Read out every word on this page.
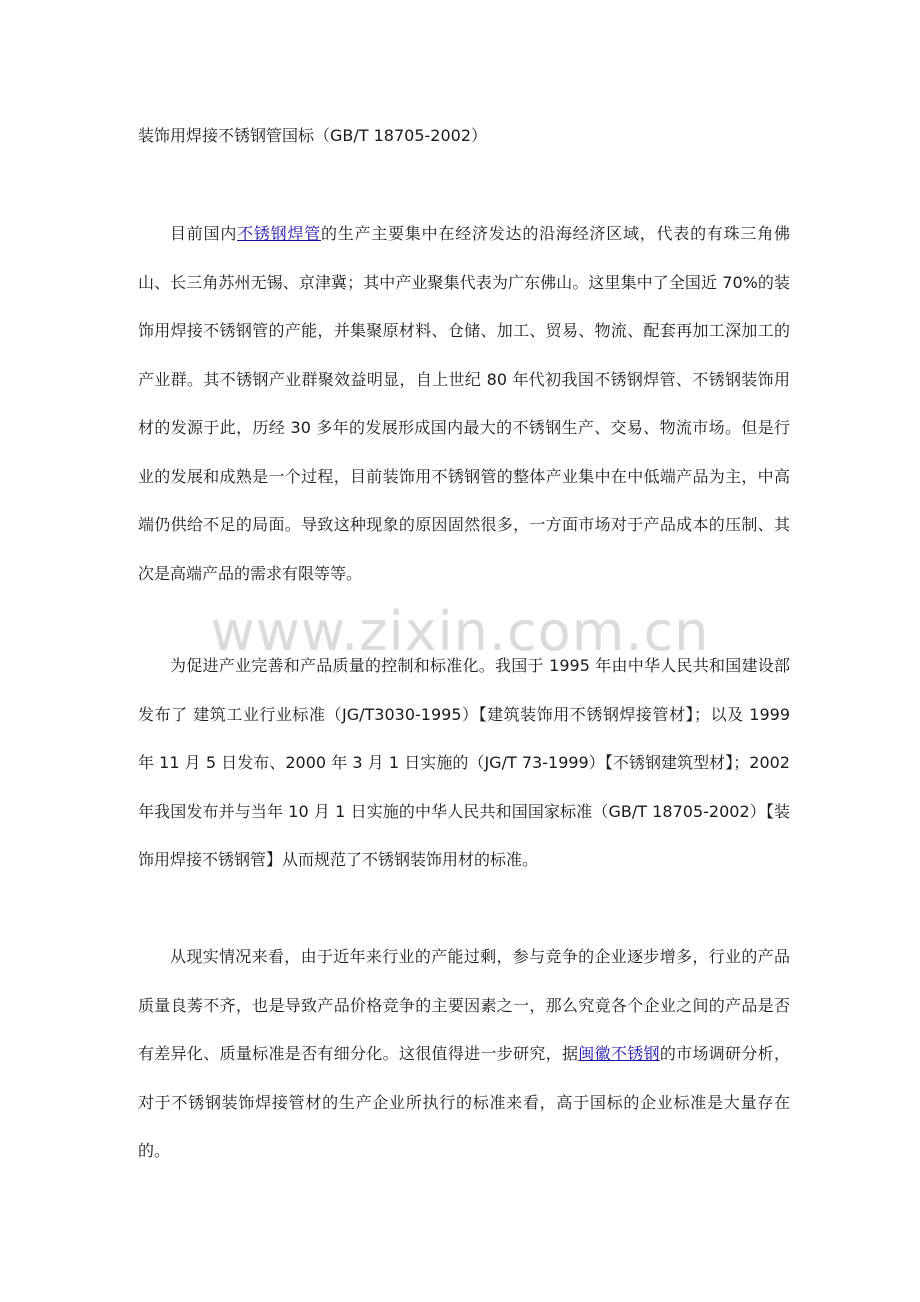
装饰用焊接不锈钢管国标（GB/T 18705-2002）

目前国内不锈钢焊管的生产主要集中在经济发达的沿海经济区域，代表的有珠三角佛山、长三角苏州无锡、京津冀；其中产业聚集代表为广东佛山。这里集中了全国近 70%的装饰用焊接不锈钢管的产能，并集聚原材料、仓储、加工、贸易、物流、配套再加工深加工的产业群。其不锈钢产业群聚效益明显，自上世纪 80 年代初我国不锈钢焊管、不锈钢装饰用材的发源于此，历经 30 多年的发展形成国内最大的不锈钢生产、交易、物流市场。但是行业的发展和成熟是一个过程，目前装饰用不锈钢管的整体产业集中在中低端产品为主，中高端仍供给不足的局面。导致这种现象的原因固然很多，一方面市场对于产品成本的压制、其次是高端产品的需求有限等等。

www.zixin.com.cn

为促进产业完善和产品质量的控制和标准化。我国于 1995 年由中华人民共和国建设部发布了 建筑工业行业标准（JG/T3030-1995）【建筑装饰用不锈钢焊接管材】；以及 1999 年 11 月 5 日发布、2000 年 3 月 1 日实施的（JG/T 73-1999）【不锈钢建筑型材】；2002 年我国发布并与当年 10 月 1 日实施的中华人民共和国国家标准（GB/T 18705-2002）【装饰用焊接不锈钢管】从而规范了不锈钢装饰用材的标准。

从现实情况来看，由于近年来行业的产能过剩，参与竞争的企业逐步增多，行业的产品质量良莠不齐，也是导致产品价格竞争的主要因素之一，那么究竟各个企业之间的产品是否有差异化、质量标准是否有细分化。这很值得进一步研究，据闽徽不锈钢的市场调研分析，对于不锈钢装饰焊接管材的生产企业所执行的标准来看，高于国标的企业标准是大量存在的。
